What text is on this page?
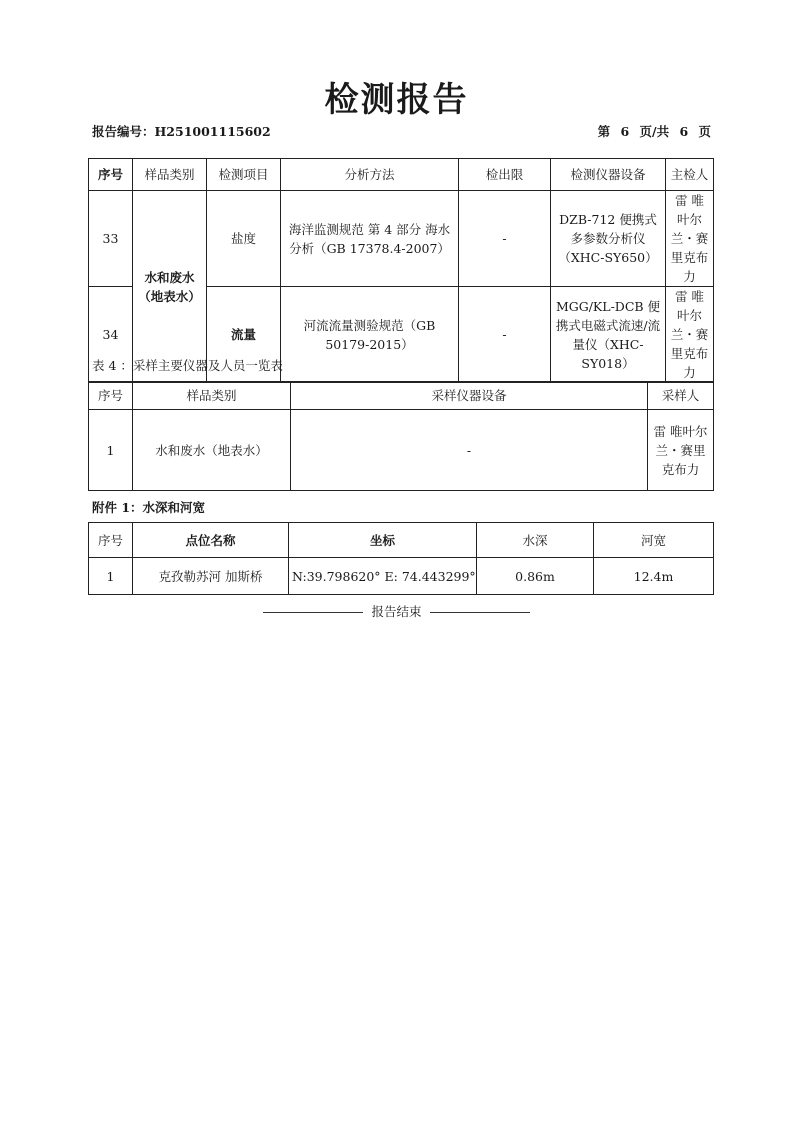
检测报告
报告编号：H251001115602	第 6 页/共 6 页
序号	样品类别	检测项目	分析方法	检出限	检测仪器设备	主检人
33	水和废水（地表水）	盐度	海洋监测规范 第 4 部分 海水分析（GB 17378.4-2007）	-	DZB-712 便携式多参数分析仪（XHC-SY650）	雷 唯叶尔兰・赛里克布力
34		流量	河流流量测验规范（GB 50179-2015）	-	MGG/KL-DCB 便携式电磁式流速/流量仪（XHC-SY018）	雷 唯叶尔兰・赛里克布力
表 4 ：采样主要仪器及人员一览表
序号	样品类别	采样仪器设备	采样人
1	水和废水（地表水）	-	雷 唯叶尔兰・赛里克布力
附件 1：水深和河宽
序号	点位名称	坐标	水深	河宽
1	克孜勒苏河 加斯桥	N:39.798620° E: 74.443299°	0.86m	12.4m
报告结束
